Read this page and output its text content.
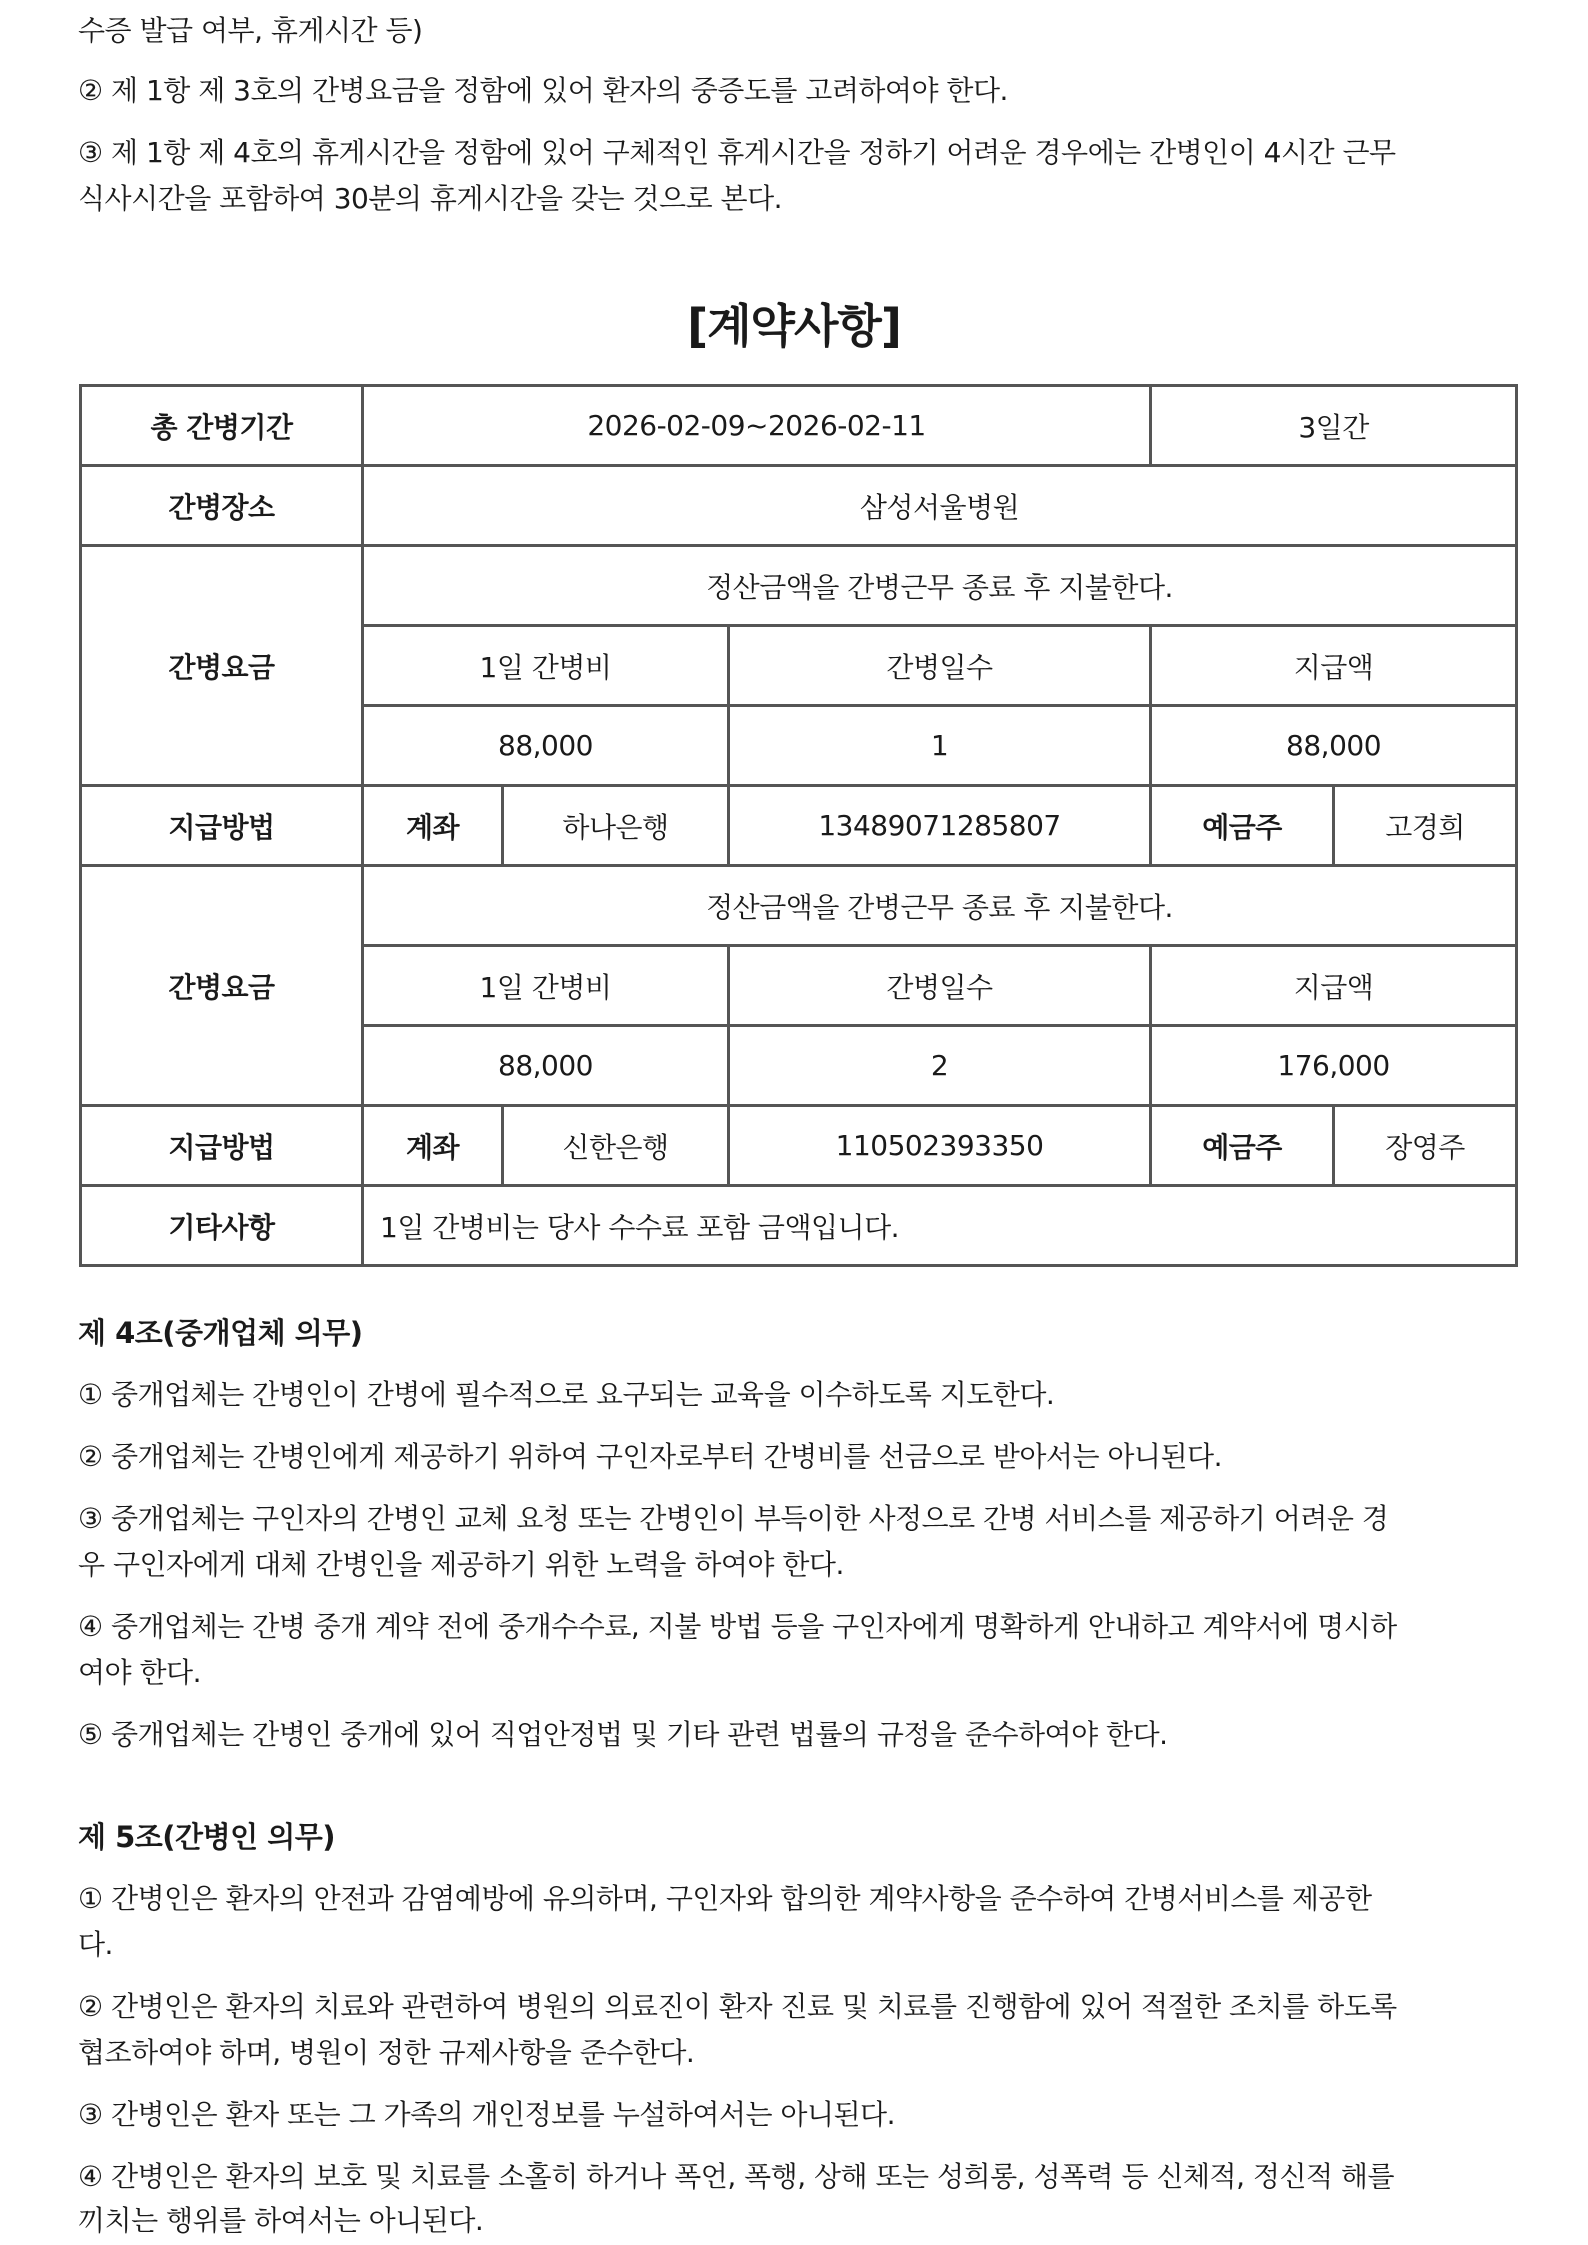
수증 발급 여부, 휴게시간 등)
② 제 1항 제 3호의 간병요금을 정함에 있어 환자의 중증도를 고려하여야 한다.
③ 제 1항 제 4호의 휴게시간을 정함에 있어 구체적인 휴게시간을 정하기 어려운 경우에는 간병인이 4시간 근무
식사시간을 포함하여 30분의 휴게시간을 갖는 것으로 본다.
[계약사항]
총 간병기간	2026-02-09~2026-02-11			3일간	
간병장소	삼성서울병원				
간병요금	정산금액을 간병근무 종료 후 지불한다.				
	1일 간병비		간병일수	지급액	
	88,000		1	88,000	
지급방법	계좌	하나은행	13489071285807	예금주	고경희
간병요금	정산금액을 간병근무 종료 후 지불한다.				
	1일 간병비		간병일수	지급액	
	88,000		2	176,000	
지급방법	계좌	신한은행	110502393350	예금주	장영주
기타사항	1일 간병비는 당사 수수료 포함 금액입니다.				
제 4조(중개업체 의무)
① 중개업체는 간병인이 간병에 필수적으로 요구되는 교육을 이수하도록 지도한다.
② 중개업체는 간병인에게 제공하기 위하여 구인자로부터 간병비를 선금으로 받아서는 아니된다.
③ 중개업체는 구인자의 간병인 교체 요청 또는 간병인이 부득이한 사정으로 간병 서비스를 제공하기 어려운 경
우 구인자에게 대체 간병인을 제공하기 위한 노력을 하여야 한다.
④ 중개업체는 간병 중개 계약 전에 중개수수료, 지불 방법 등을 구인자에게 명확하게 안내하고 계약서에 명시하
여야 한다.
⑤ 중개업체는 간병인 중개에 있어 직업안정법 및 기타 관련 법률의 규정을 준수하여야 한다.
제 5조(간병인 의무)
① 간병인은 환자의 안전과 감염예방에 유의하며, 구인자와 합의한 계약사항을 준수하여 간병서비스를 제공한
다.
② 간병인은 환자의 치료와 관련하여 병원의 의료진이 환자 진료 및 치료를 진행함에 있어 적절한 조치를 하도록
협조하여야 하며, 병원이 정한 규제사항을 준수한다.
③ 간병인은 환자 또는 그 가족의 개인정보를 누설하여서는 아니된다.
④ 간병인은 환자의 보호 및 치료를 소홀히 하거나 폭언, 폭행, 상해 또는 성희롱, 성폭력 등 신체적, 정신적 해를
끼치는 행위를 하여서는 아니된다.
